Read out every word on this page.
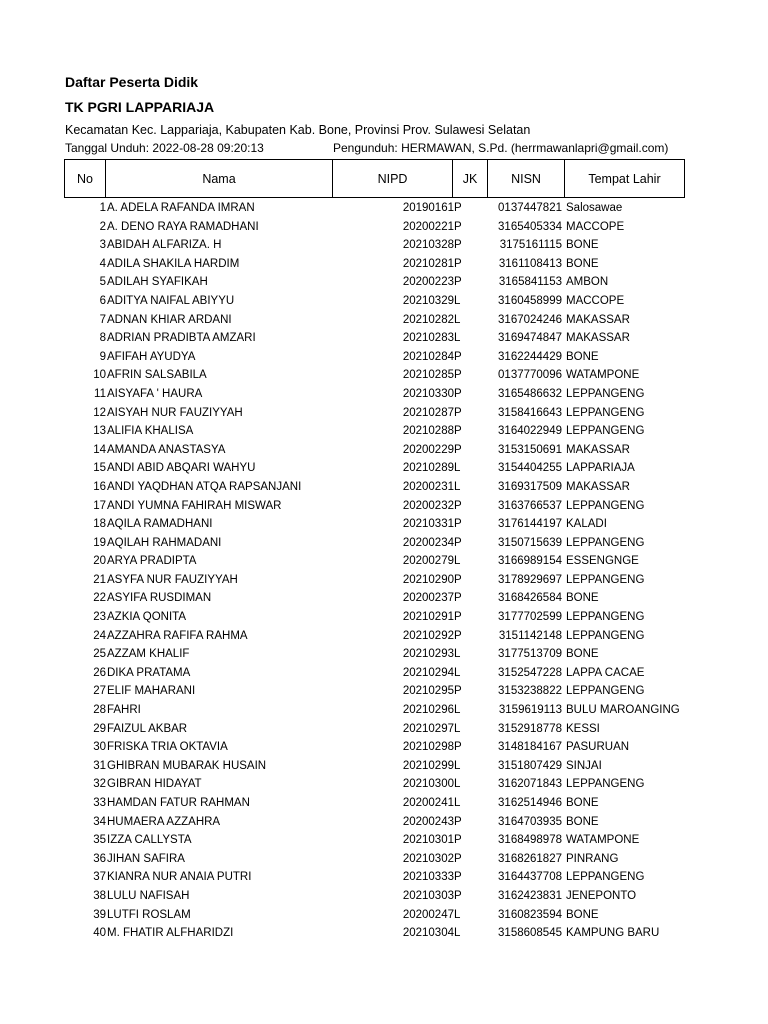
Daftar Peserta Didik
TK PGRI LAPPARIAJA
Kecamatan Kec. Lappariaja, Kabupaten Kab. Bone, Provinsi Prov. Sulawesi Selatan
Tanggal Unduh: 2022-08-28 09:20:13	Pengunduh: HERMAWAN, S.Pd. (herrmawanlapri@gmail.com)
No	Nama	NIPD	JK	NISN	Tempat Lahir
1 A. ADELA RAFANDA IMRAN	20190161 P	0137447821 Salosawae
2 A. DENO RAYA RAMADHANI	20200221 P	3165405334 MACCOPE
3 ABIDAH ALFARIZA. H	20210328 P	3175161115 BONE
4 ADILA SHAKILA HARDIM	20210281 P	3161108413 BONE
5 ADILAH SYAFIKAH	20200223 P	3165841153 AMBON
6 ADITYA NAIFAL ABIYYU	20210329 L	3160458999 MACCOPE
7 ADNAN KHIAR ARDANI	20210282 L	3167024246 MAKASSAR
8 ADRIAN PRADIBTA AMZARI	20210283 L	3169474847 MAKASSAR
9 AFIFAH AYUDYA	20210284 P	3162244429 BONE
10 AFRIN SALSABILA	20210285 P	0137770096 WATAMPONE
11 AISYAFA ' HAURA	20210330 P	3165486632 LEPPANGENG
12 AISYAH NUR FAUZIYYAH	20210287 P	3158416643 LEPPANGENG
13 ALIFIA KHALISA	20210288 P	3164022949 LEPPANGENG
14 AMANDA ANASTASYA	20200229 P	3153150691 MAKASSAR
15 ANDI ABID ABQARI WAHYU	20210289 L	3154404255 LAPPARIAJA
16 ANDI YAQDHAN ATQA RAPSANJANI	20200231 L	3169317509 MAKASSAR
17 ANDI YUMNA FAHIRAH MISWAR	20200232 P	3163766537 LEPPANGENG
18 AQILA RAMADHANI	20210331 P	3176144197 KALADI
19 AQILAH RAHMADANI	20200234 P	3150715639 LEPPANGENG
20 ARYA PRADIPTA	20200279 L	3166989154 ESSENGNGE
21 ASYFA NUR FAUZIYYAH	20210290 P	3178929697 LEPPANGENG
22 ASYIFA RUSDIMAN	20200237 P	3168426584 BONE
23 AZKIA QONITA	20210291 P	3177702599 LEPPANGENG
24 AZZAHRA RAFIFA RAHMA	20210292 P	3151142148 LEPPANGENG
25 AZZAM KHALIF	20210293 L	3177513709 BONE
26 DIKA PRATAMA	20210294 L	3152547228 LAPPA CACAE
27 ELIF MAHARANI	20210295 P	3153238822 LEPPANGENG
28 FAHRI	20210296 L	3159619113 BULU MAROANGING
29 FAIZUL AKBAR	20210297 L	3152918778 KESSI
30 FRISKA TRIA OKTAVIA	20210298 P	3148184167 PASURUAN
31 GHIBRAN MUBARAK HUSAIN	20210299 L	3151807429 SINJAI
32 GIBRAN HIDAYAT	20210300 L	3162071843 LEPPANGENG
33 HAMDAN FATUR RAHMAN	20200241 L	3162514946 BONE
34 HUMAERA AZZAHRA	20200243 P	3164703935 BONE
35 IZZA CALLYSTA	20210301 P	3168498978 WATAMPONE
36 JIHAN SAFIRA	20210302 P	3168261827 PINRANG
37 KIANRA NUR ANAIA PUTRI	20210333 P	3164437708 LEPPANGENG
38 LULU NAFISAH	20210303 P	3162423831 JENEPONTO
39 LUTFI ROSLAM	20200247 L	3160823594 BONE
40 M. FHATIR ALFHARIDZI	20210304 L	3158608545 KAMPUNG BARU
